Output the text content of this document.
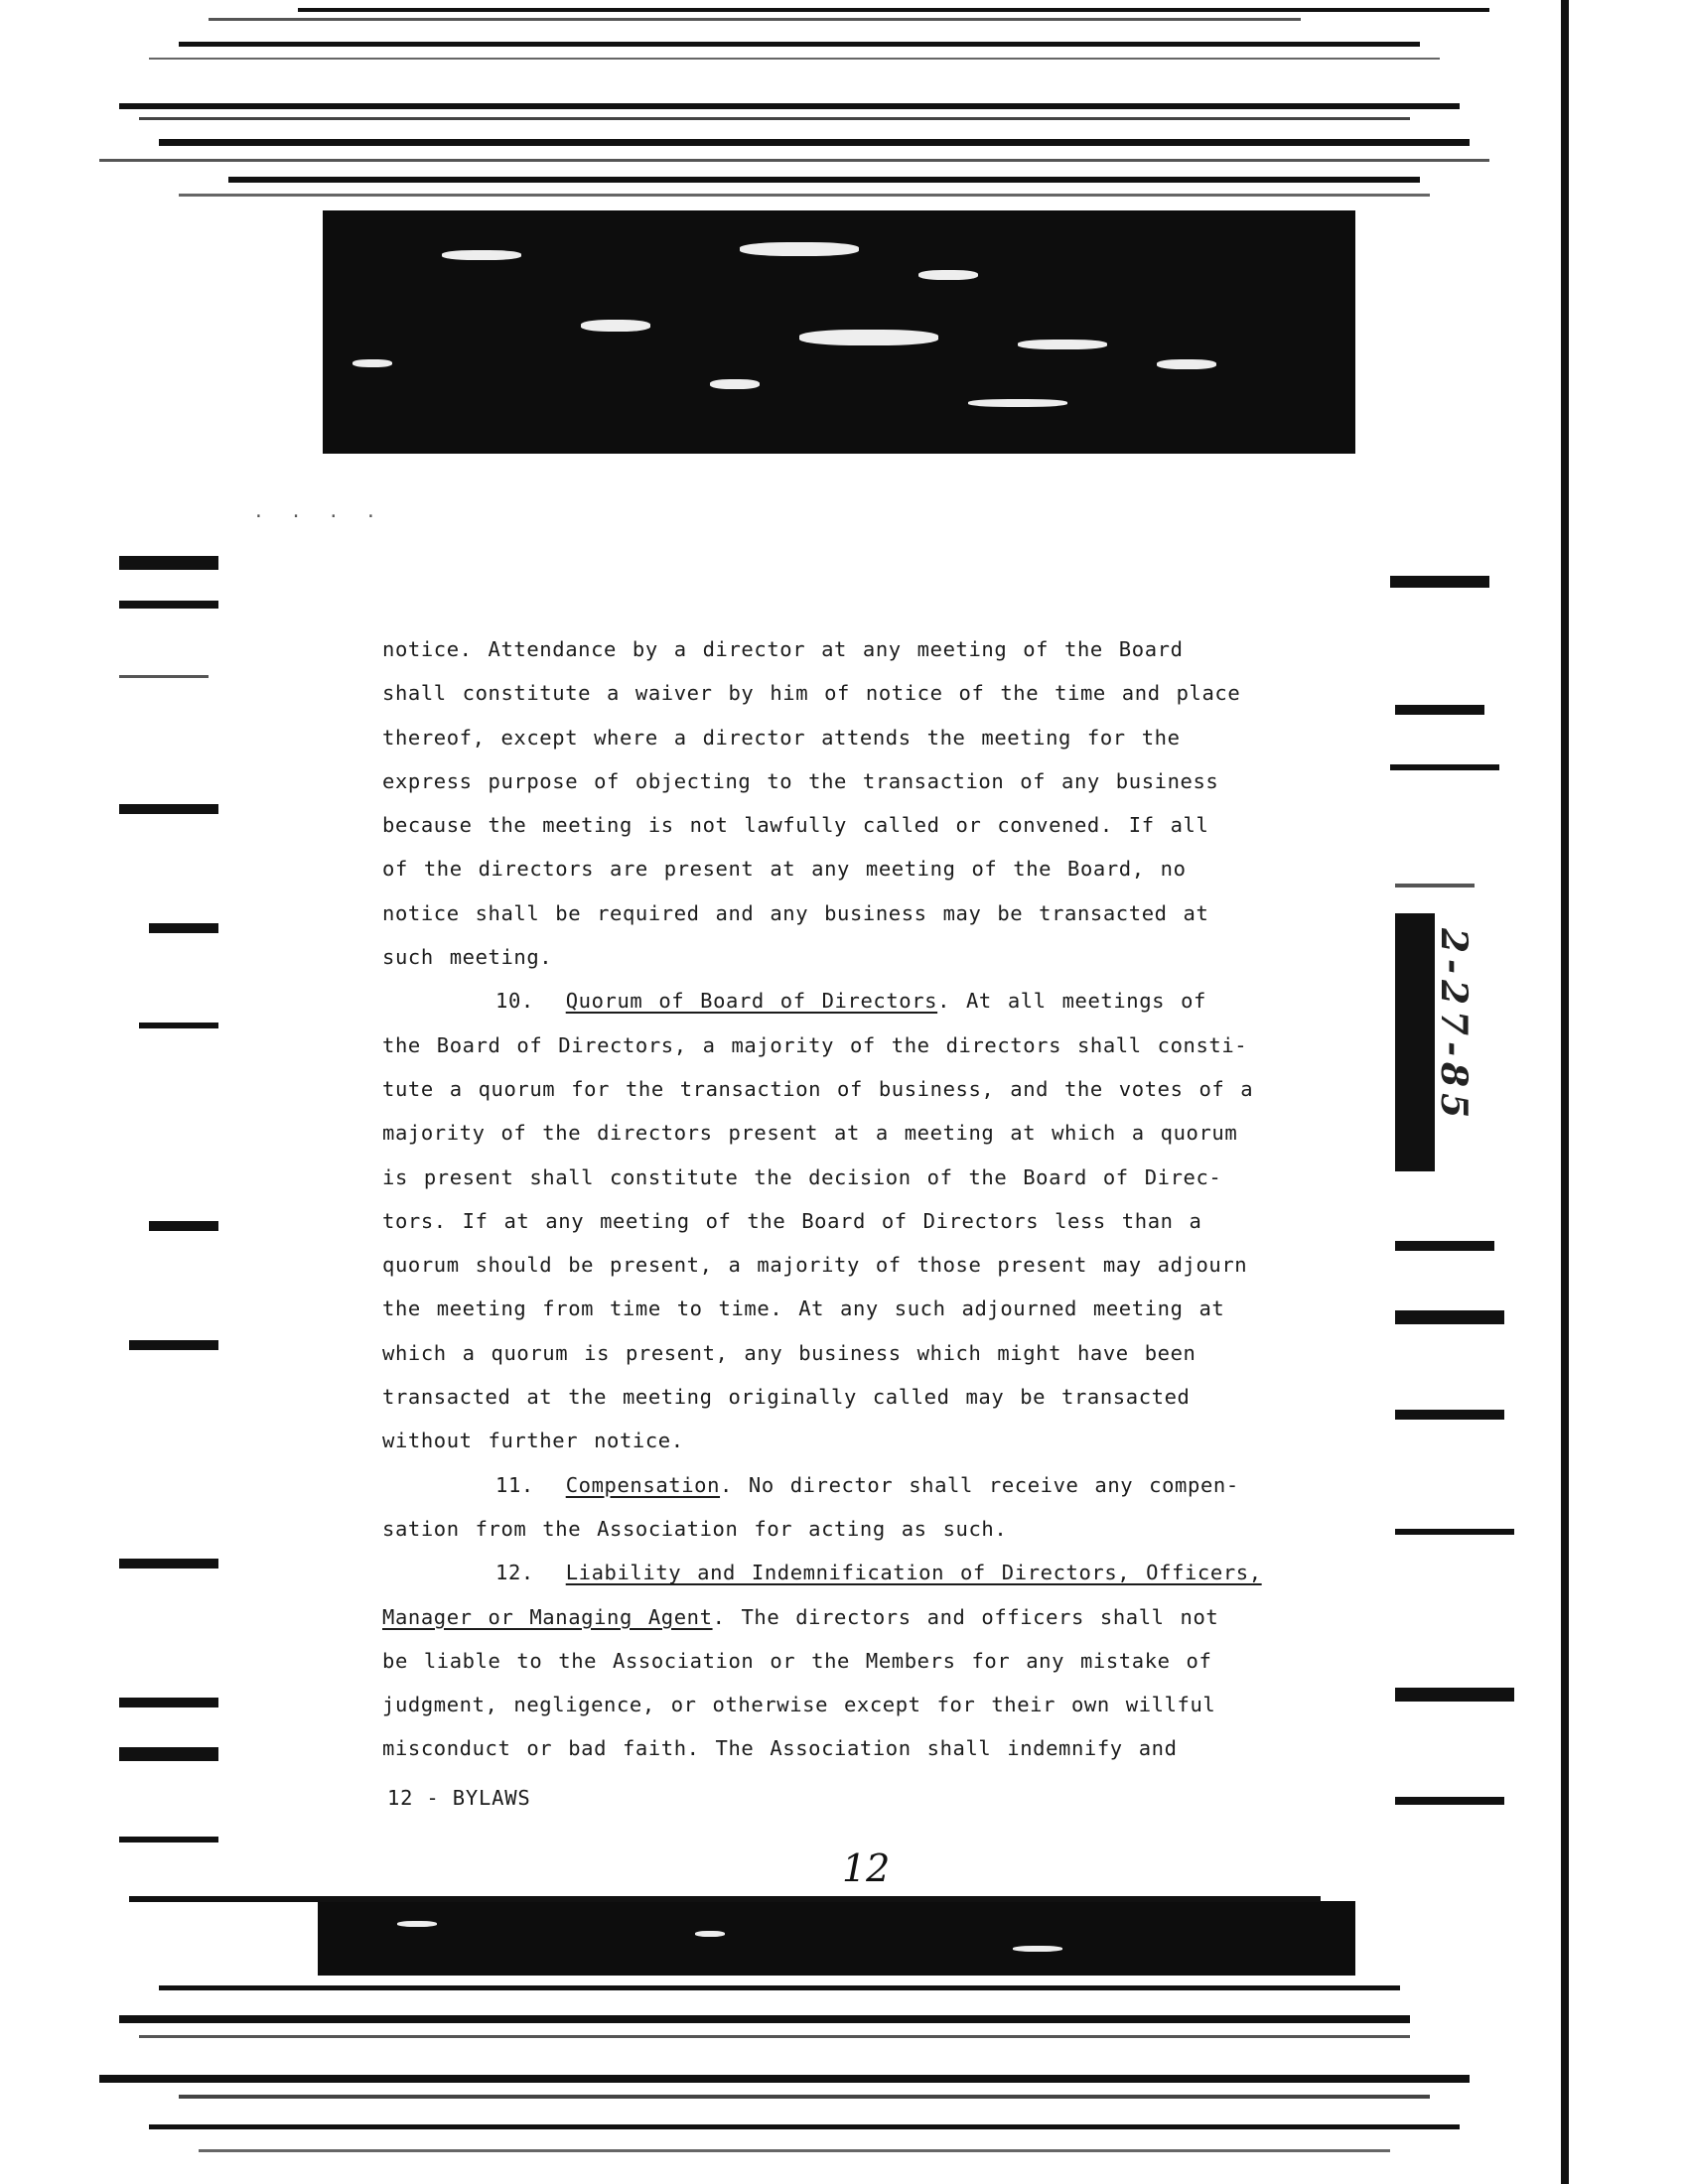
2-27-85
· · · ·
notice. Attendance by a director at any meeting of the Board
shall constitute a waiver by him of notice of the time and place
thereof, except where a director attends the meeting for the
express purpose of objecting to the transaction of any business
because the meeting is not lawfully called or convened. If all
of the directors are present at any meeting of the Board, no
notice shall be required and any business may be transacted at
such meeting.
10. Quorum of Board of Directors. At all meetings of
the Board of Directors, a majority of the directors shall consti-
tute a quorum for the transaction of business, and the votes of a
majority of the directors present at a meeting at which a quorum
is present shall constitute the decision of the Board of Direc-
tors. If at any meeting of the Board of Directors less than a
quorum should be present, a majority of those present may adjourn
the meeting from time to time. At any such adjourned meeting at
which a quorum is present, any business which might have been
transacted at the meeting originally called may be transacted
without further notice.
11. Compensation. No director shall receive any compen-
sation from the Association for acting as such.
12. Liability and Indemnification of Directors, Officers,
Manager or Managing Agent. The directors and officers shall not
be liable to the Association or the Members for any mistake of
judgment, negligence, or otherwise except for their own willful
misconduct or bad faith. The Association shall indemnify and
12 - BYLAWS
12
